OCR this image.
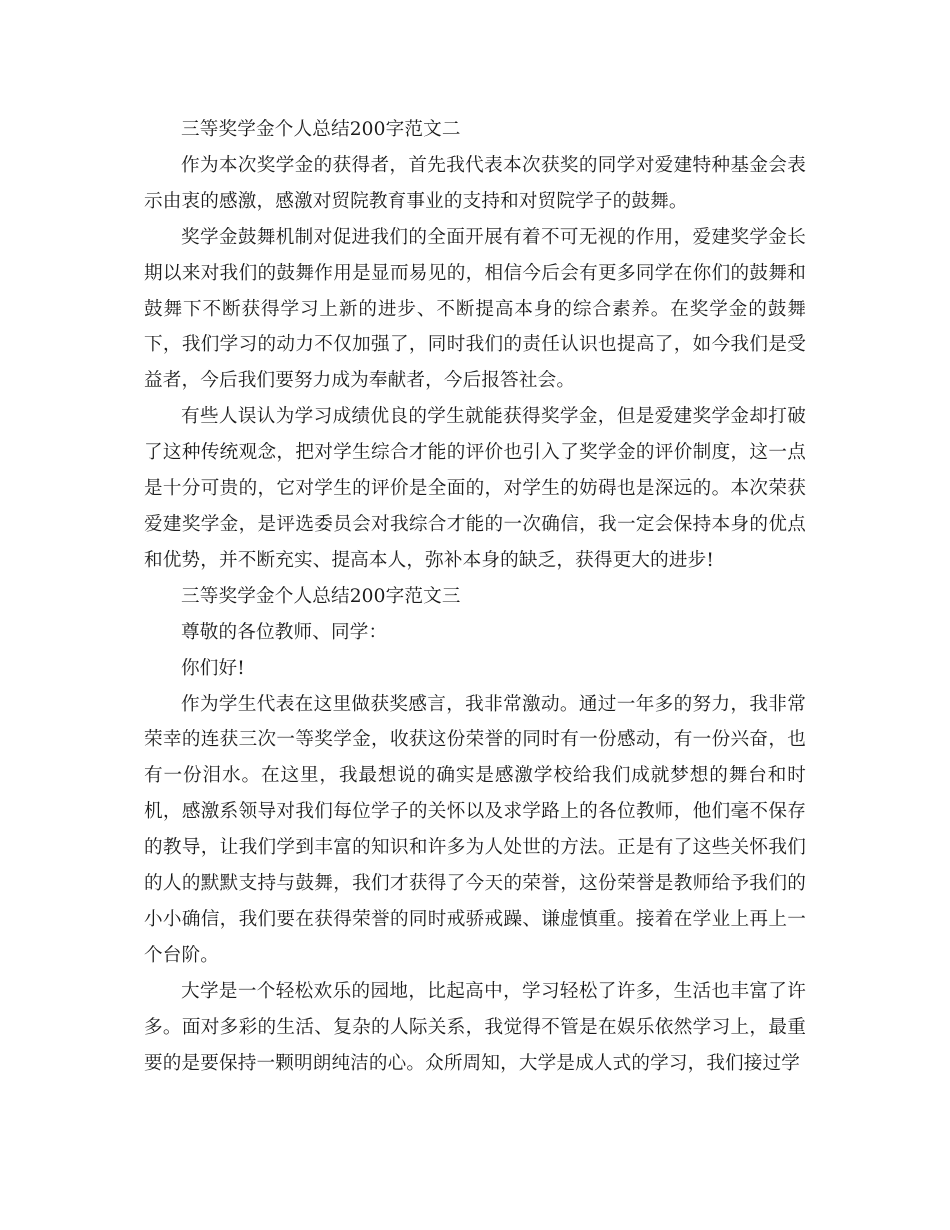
三等奖学金个人总结200字范文二

作为本次奖学金的获得者，首先我代表本次获奖的同学对爱建特种基金会表示由衷的感激，感激对贸院教育事业的支持和对贸院学子的鼓舞。

奖学金鼓舞机制对促进我们的全面开展有着不可无视的作用，爱建奖学金长期以来对我们的鼓舞作用是显而易见的，相信今后会有更多同学在你们的鼓舞和鼓舞下不断获得学习上新的进步、不断提高本身的综合素养。在奖学金的鼓舞下，我们学习的动力不仅加强了，同时我们的责任认识也提高了，如今我们是受益者，今后我们要努力成为奉献者，今后报答社会。

有些人误认为学习成绩优良的学生就能获得奖学金，但是爱建奖学金却打破了这种传统观念，把对学生综合才能的评价也引入了奖学金的评价制度，这一点是十分可贵的，它对学生的评价是全面的，对学生的妨碍也是深远的。本次荣获爱建奖学金，是评选委员会对我综合才能的一次确信，我一定会保持本身的优点和优势，并不断充实、提高本人，弥补本身的缺乏，获得更大的进步!

三等奖学金个人总结200字范文三

尊敬的各位教师、同学：

你们好!

作为学生代表在这里做获奖感言，我非常激动。通过一年多的努力，我非常荣幸的连获三次一等奖学金，收获这份荣誉的同时有一份感动，有一份兴奋，也有一份泪水。在这里，我最想说的确实是感激学校给我们成就梦想的舞台和时机，感激系领导对我们每位学子的关怀以及求学路上的各位教师，他们毫不保存的教导，让我们学到丰富的知识和许多为人处世的方法。正是有了这些关怀我们的人的默默支持与鼓舞，我们才获得了今天的荣誉，这份荣誉是教师给予我们的小小确信，我们要在获得荣誉的同时戒骄戒躁、谦虚慎重。接着在学业上再上一个台阶。

大学是一个轻松欢乐的园地，比起高中，学习轻松了许多，生活也丰富了许多。面对多彩的生活、复杂的人际关系，我觉得不管是在娱乐依然学习上，最重要的是要保持一颗明朗纯洁的心。众所周知，大学是成人式的学习，我们接过学
